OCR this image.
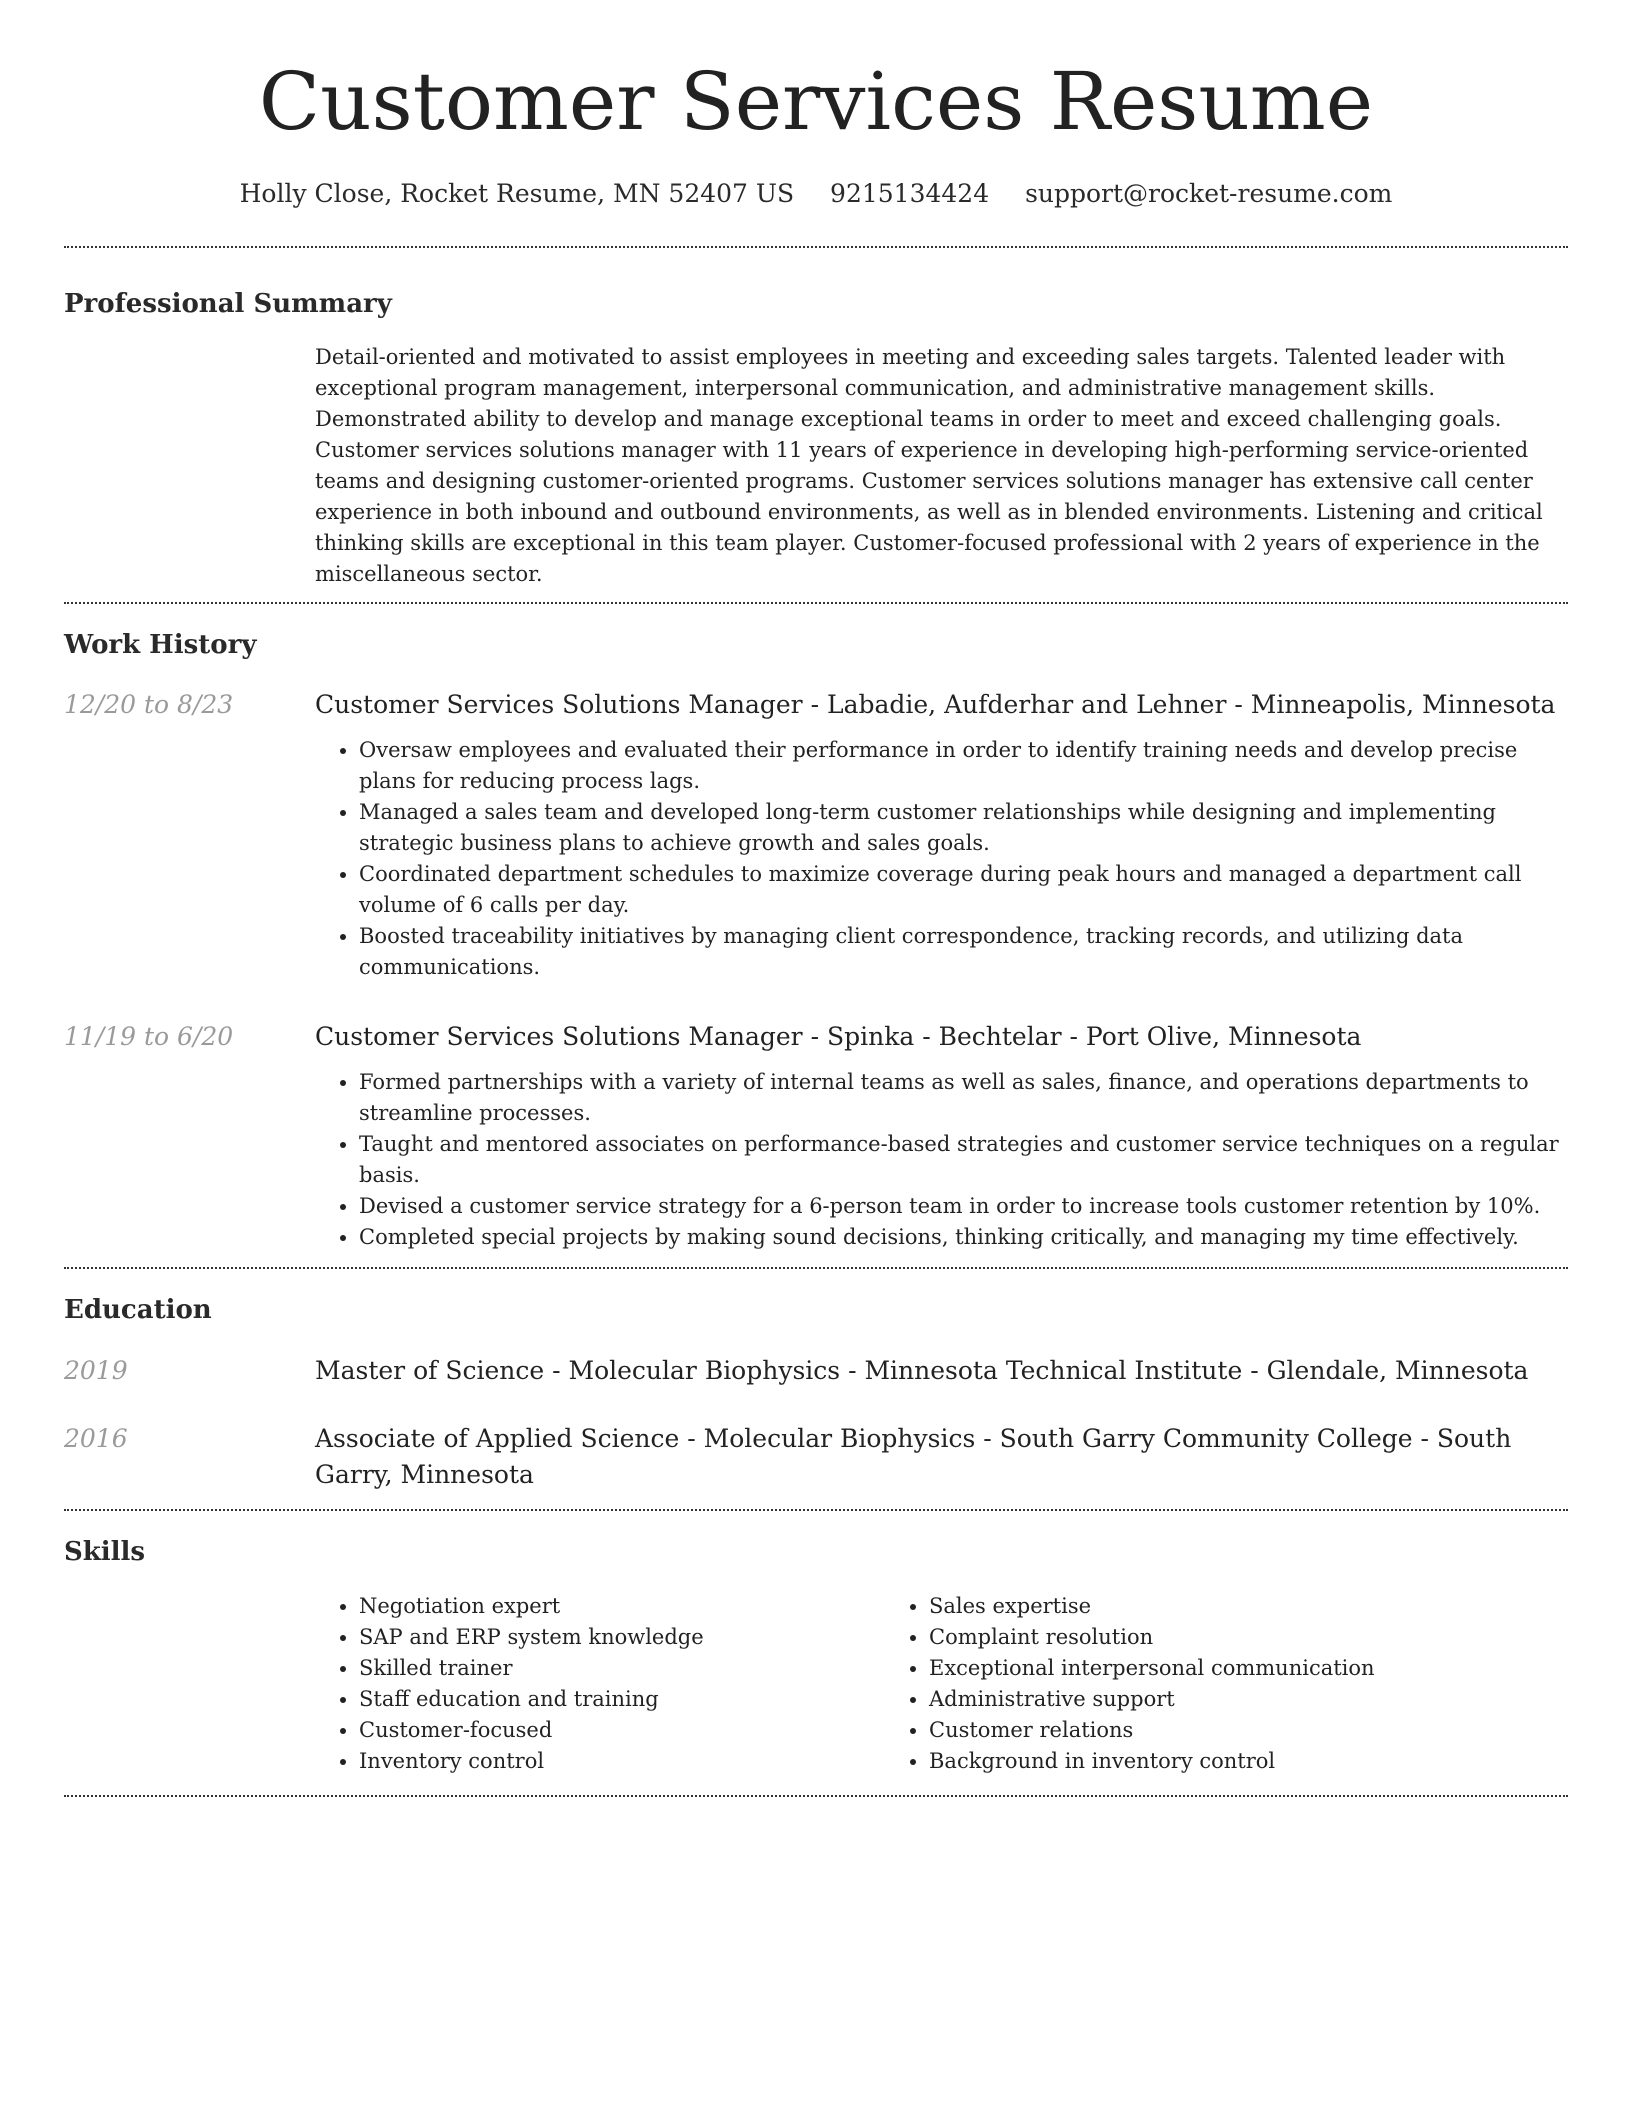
Customer Services Resume
Holly Close, Rocket Resume, MN 52407 US 9215134424 support@rocket-resume.com
Professional Summary
Detail-oriented and motivated to assist employees in meeting and exceeding sales targets. Talented leader with exceptional program management, interpersonal communication, and administrative management skills. Demonstrated ability to develop and manage exceptional teams in order to meet and exceed challenging goals. Customer services solutions manager with 11 years of experience in developing high-performing service-oriented teams and designing customer-oriented programs. Customer services solutions manager has extensive call center experience in both inbound and outbound environments, as well as in blended environments. Listening and critical thinking skills are exceptional in this team player. Customer-focused professional with 2 years of experience in the miscellaneous sector.
Work History
12/20 to 8/23	Customer Services Solutions Manager - Labadie, Aufderhar and Lehner - Minneapolis, Minnesota
• Oversaw employees and evaluated their performance in order to identify training needs and develop precise plans for reducing process lags.
• Managed a sales team and developed long-term customer relationships while designing and implementing strategic business plans to achieve growth and sales goals.
• Coordinated department schedules to maximize coverage during peak hours and managed a department call volume of 6 calls per day.
• Boosted traceability initiatives by managing client correspondence, tracking records, and utilizing data communications.
11/19 to 6/20	Customer Services Solutions Manager - Spinka - Bechtelar - Port Olive, Minnesota
• Formed partnerships with a variety of internal teams as well as sales, finance, and operations departments to streamline processes.
• Taught and mentored associates on performance-based strategies and customer service techniques on a regular basis.
• Devised a customer service strategy for a 6-person team in order to increase tools customer retention by 10%.
• Completed special projects by making sound decisions, thinking critically, and managing my time effectively.
Education
2019	Master of Science - Molecular Biophysics - Minnesota Technical Institute - Glendale, Minnesota
2016	Associate of Applied Science - Molecular Biophysics - South Garry Community College - South Garry, Minnesota
Skills
• Negotiation expert
• SAP and ERP system knowledge
• Skilled trainer
• Staff education and training
• Customer-focused
• Inventory control
• Sales expertise
• Complaint resolution
• Exceptional interpersonal communication
• Administrative support
• Customer relations
• Background in inventory control
